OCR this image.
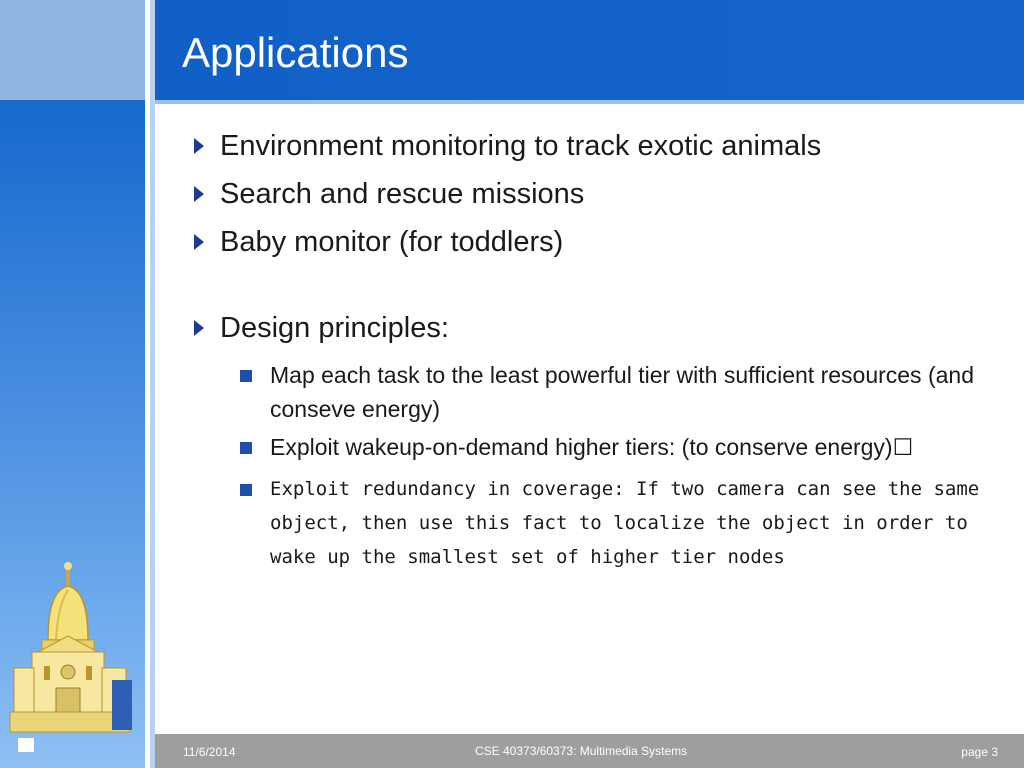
Applications
Environment monitoring to track exotic animals
Search and rescue missions
Baby monitor (for toddlers)
Design principles:
Map each task to the least powerful tier with sufficient resources (and conseve energy)
Exploit wakeup-on-demand higher tiers: (to conserve energy)☐
Exploit redundancy in coverage: If two camera can see the same object, then use this fact to localize the object in order to wake up the smallest set of higher tier nodes
11/6/2014	CSE 40373/60373: Multimedia Systems	page 3
